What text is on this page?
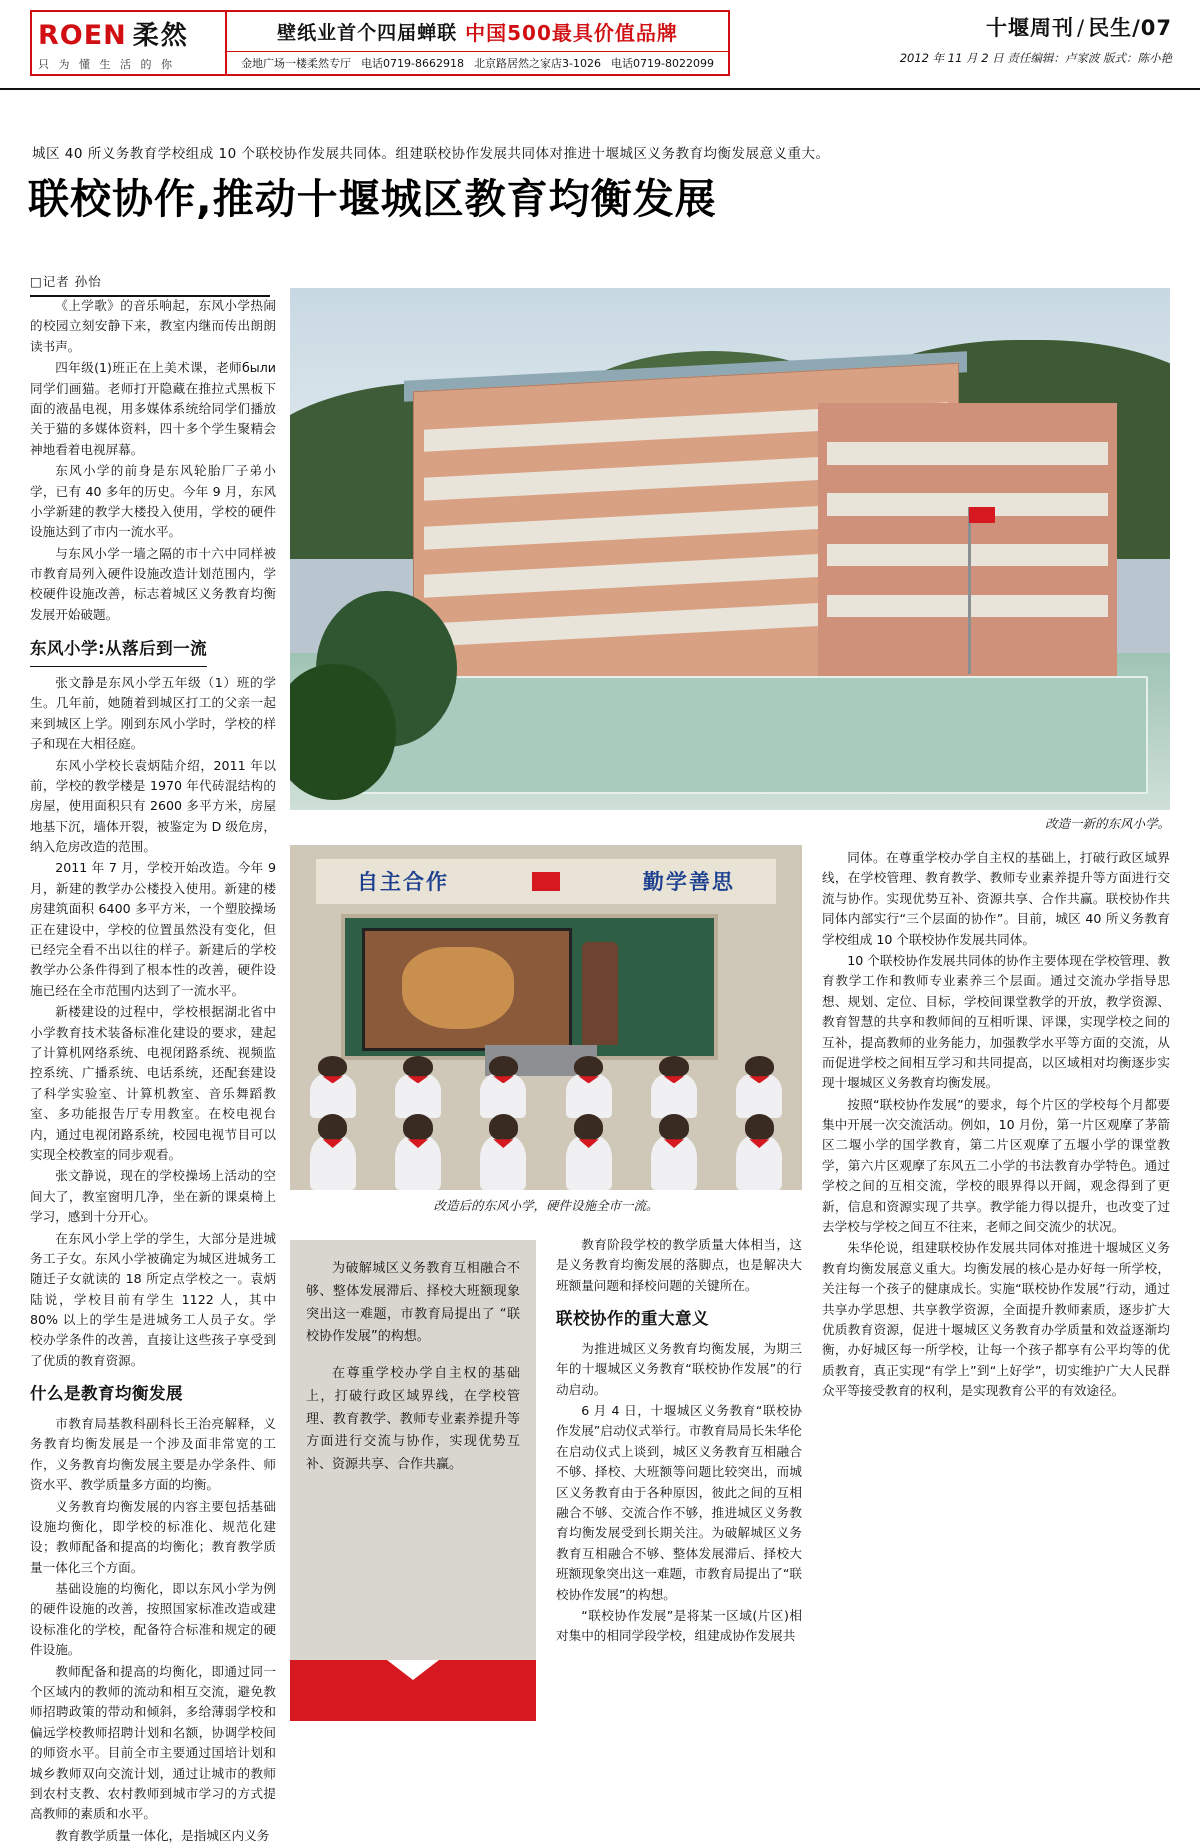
ROEN 柔然
只 为 懂 生 活 的 你
壁纸业首个四届蝉联 中国500最具价值品牌
金地广场一楼柔然专厅 电话0719-8662918 北京路居然之家店3-1026 电话0719-8022099
十堰周刊 / 民生/07
2012 年 11 月 2 日 责任编辑：卢家波 版式：陈小艳
城区 40 所义务教育学校组成 10 个联校协作发展共同体。组建联校协作发展共同体对推进十堰城区义务教育均衡发展意义重大。
联校协作,推动十堰城区教育均衡发展
□记者 孙怡

《上学歌》的音乐响起，东风小学热闹的校园立刻安静下来，教室内继而传出朗朗读书声。

四年级(1)班正在上美术课，老师были同学们画猫。老师打开隐藏在推拉式黑板下面的液晶电视，用多媒体系统给同学们播放关于猫的多媒体资料，四十多个学生聚精会神地看着电视屏幕。

东风小学的前身是东风轮胎厂子弟小学，已有 40 多年的历史。今年 9 月，东风小学新建的教学大楼投入使用，学校的硬件设施达到了市内一流水平。

与东风小学一墙之隔的市十六中同样被市教育局列入硬件设施改造计划范围内，学校硬件设施改善，标志着城区义务教育均衡发展开始破题。

东风小学:从落后到一流

张文静是东风小学五年级（1）班的学生。几年前，她随着到城区打工的父亲一起来到城区上学。刚到东风小学时，学校的样子和现在大相径庭。

东风小学校长袁炳陆介绍，2011 年以前，学校的教学楼是 1970 年代砖混结构的房屋，使用面积只有 2600 多平方米，房屋地基下沉，墙体开裂，被鉴定为 D 级危房，纳入危房改造的范围。

2011 年 7 月，学校开始改造。今年 9 月，新建的教学办公楼投入使用。新建的楼房建筑面积 6400 多平方米，一个塑胶操场正在建设中，学校的位置虽然没有变化，但已经完全看不出以往的样子。新建后的学校教学办公条件得到了根本性的改善，硬件设施已经在全市范围内达到了一流水平。

新楼建设的过程中，学校根据湖北省中小学教育技术装备标准化建设的要求，建起了计算机网络系统、电视闭路系统、视频监控系统、广播系统、电话系统，还配套建设了科学实验室、计算机教室、音乐舞蹈教室、多功能报告厅专用教室。在校电视台内，通过电视闭路系统，校园电视节目可以实现全校教室的同步观看。

张文静说，现在的学校操场上活动的空间大了，教室窗明几净，坐在新的课桌椅上学习，感到十分开心。

在东风小学上学的学生，大部分是进城务工子女。东风小学被确定为城区进城务工随迁子女就读的 18 所定点学校之一。袁炳陆说，学校目前有学生 1122 人，其中 80% 以上的学生是进城务工人员子女。学校办学条件的改善，直接让这些孩子享受到了优质的教育资源。

什么是教育均衡发展

市教育局基教科副科长王治亮解释，义务教育均衡发展是一个涉及面非常宽的工作，义务教育均衡发展主要是办学条件、师资水平、教学质量多方面的均衡。

义务教育均衡发展的内容主要包括基础设施均衡化，即学校的标准化、规范化建设；教师配备和提高的均衡化；教育教学质量一体化三个方面。

基础设施的均衡化，即以东风小学为例的硬件设施的改善，按照国家标准改造或建设标准化的学校，配备符合标准和规定的硬件设施。

教师配备和提高的均衡化，即通过同一个区域内的教师的流动和相互交流，避免教师招聘政策的带动和倾斜，多给薄弱学校和偏远学校教师招聘计划和名额，协调学校间的师资水平。目前全市主要通过国培计划和城乡教师双向交流计划，通过让城市的教师到农村支教、农村教师到城市学习的方式提高教师的素质和水平。

教育教学质量一体化，是指城区内义务

改造一新的东风小学。
自主合作	勤学善思
改造后的东风小学，硬件设施全市一流。

为破解城区义务教育互相融合不够、整体发展滞后、择校大班额现象突出这一难题，市教育局提出了 “联校协作发展”的构想。

在尊重学校办学自主权的基础上，打破行政区域界线，在学校管理、教育教学、教师专业素养提升等方面进行交流与协作，实现优势互补、资源共享、合作共赢。

教育阶段学校的教学质量大体相当，这是义务教育均衡发展的落脚点，也是解决大班额量问题和择校问题的关键所在。

联校协作的重大意义

为推进城区义务教育均衡发展，为期三年的十堰城区义务教育“联校协作发展”的行动启动。

6 月 4 日，十堰城区义务教育“联校协作发展”启动仪式举行。市教育局局长朱华伦在启动仪式上谈到，城区义务教育互相融合不够、择校、大班额等问题比较突出，而城区义务教育由于各种原因，彼此之间的互相融合不够、交流合作不够，推进城区义务教育均衡发展受到长期关注。为破解城区义务教育互相融合不够、整体发展滞后、择校大班额现象突出这一难题，市教育局提出了“联校协作发展”的构想。

“联校协作发展”是将某一区域(片区)相对集中的相同学段学校，组建成协作发展共

同体。在尊重学校办学自主权的基础上，打破行政区域界线，在学校管理、教育教学、教师专业素养提升等方面进行交流与协作。实现优势互补、资源共享、合作共赢。联校协作共同体内部实行“三个层面的协作”。目前，城区 40 所义务教育学校组成 10 个联校协作发展共同体。

10 个联校协作发展共同体的协作主要体现在学校管理、教育教学工作和教师专业素养三个层面。通过交流办学指导思想、规划、定位、目标，学校间课堂教学的开放，教学资源、教育智慧的共享和教师间的互相听课、评课，实现学校之间的互补，提高教师的业务能力，加强教学水平等方面的交流，从而促进学校之间相互学习和共同提高，以区域相对均衡逐步实现十堰城区义务教育均衡发展。

按照“联校协作发展”的要求，每个片区的学校每个月都要集中开展一次交流活动。例如，10 月份，第一片区观摩了茅箭区二堰小学的国学教育，第二片区观摩了五堰小学的课堂教学，第六片区观摩了东风五二小学的书法教育办学特色。通过学校之间的互相交流，学校的眼界得以开阔，观念得到了更新，信息和资源实现了共享。教学能力得以提升，也改变了过去学校与学校之间互不往来，老师之间交流少的状况。

朱华伦说，组建联校协作发展共同体对推进十堰城区义务教育均衡发展意义重大。均衡发展的核心是办好每一所学校，关注每一个孩子的健康成长。实施“联校协作发展”行动，通过共享办学思想、共享教学资源，全面提升教师素质，逐步扩大优质教育资源，促进十堰城区义务教育办学质量和效益逐渐均衡，办好城区每一所学校，让每一个孩子都享有公平均等的优质教育，真正实现“有学上”到“上好学”，切实维护广大人民群众平等接受教育的权利，是实现教育公平的有效途径。
